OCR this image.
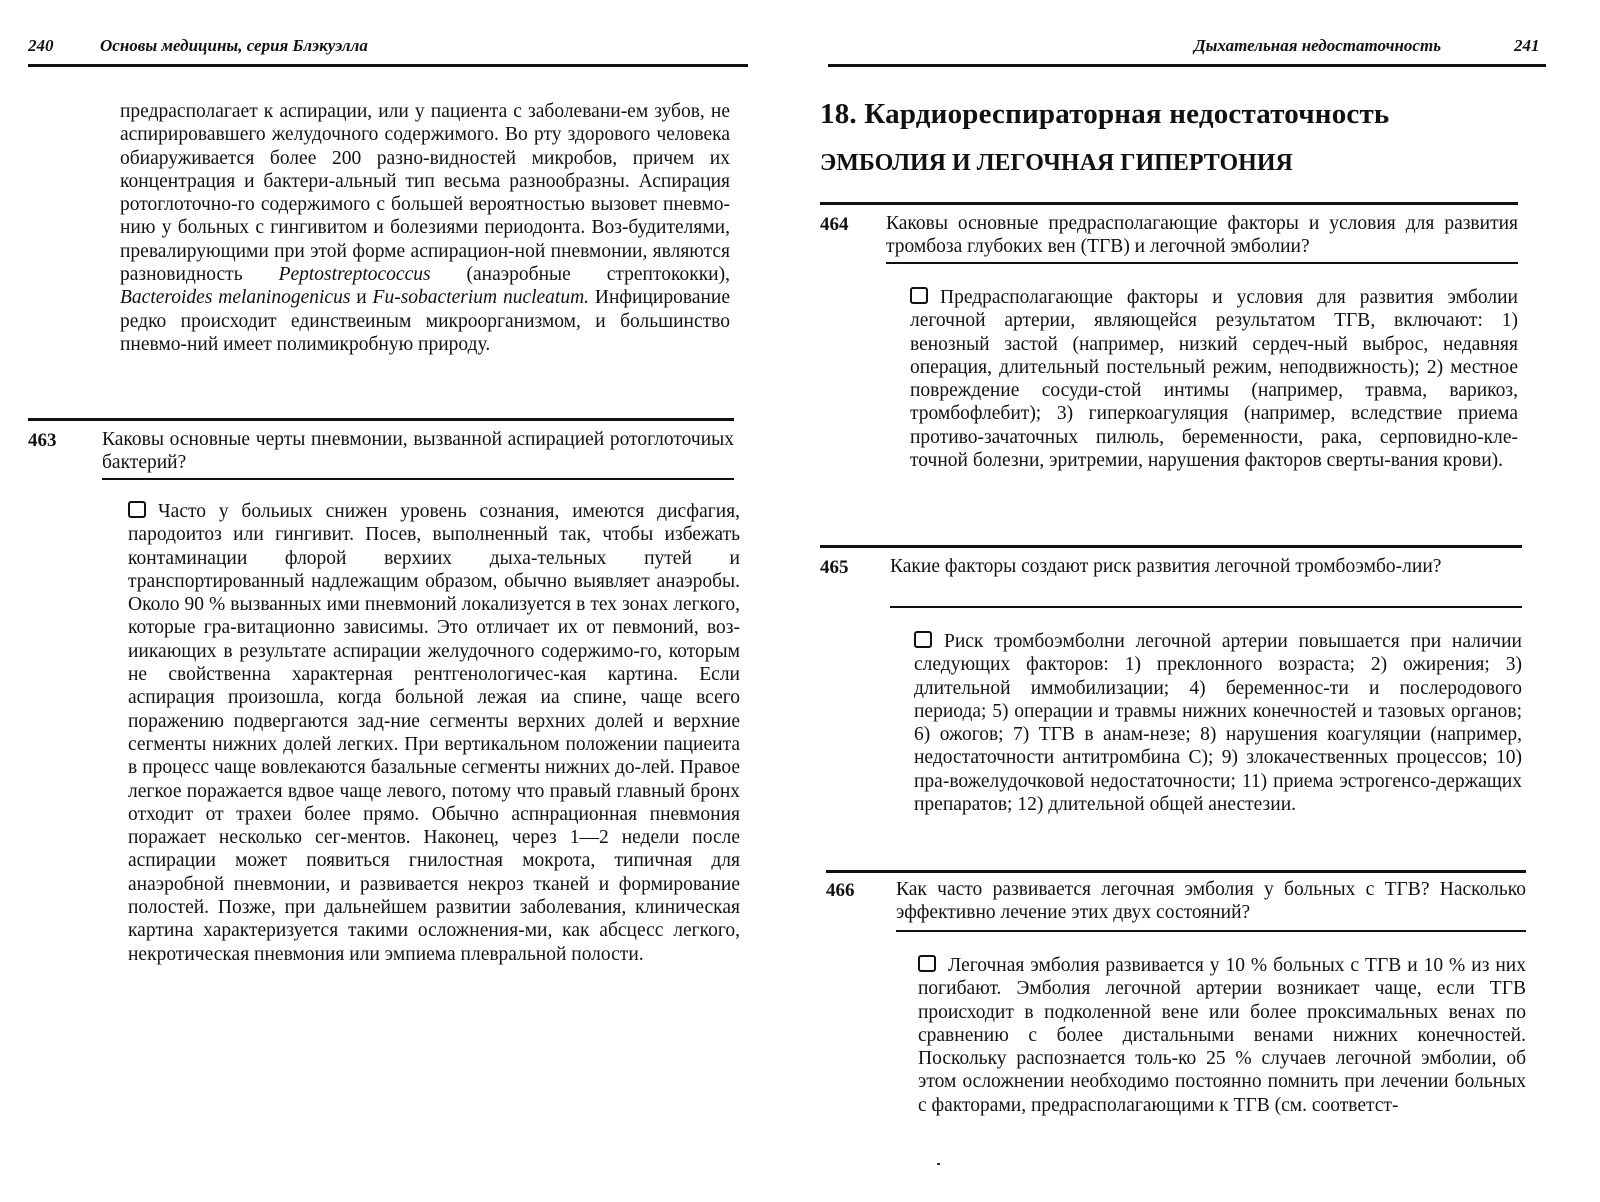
240	Основы медицины, серия Блэкуэлла

предрасполагает к аспирации, или у пациента с заболевани-ем зубов, не аспирировавшего желудочного содержимого. Во рту здорового человека обиаруживается более 200 разно-видностей микробов, причем их концентрация и бактери-альный тип весьма разнообразны. Аспирация ротоглоточно-го содержимого с большей вероятностью вызовет пневмо-нию у больных с гингивитом и болезиями периодонта. Воз-будителями, превалирующими при этой форме аспирацион-ной пневмонии, являются разновидность Peptostreptococcus (анаэробные стрептококки), Bacteroides melaninogenicus и Fu-sobacterium nucleatum. Инфицирование редко происходит единствеиным микроорганизмом, и большинство пневмо-ний имеет полимикробную природу.

463 Каковы основные черты пневмонии, вызванной аспирацией ротоглоточиых бактерий?

Часто у больиых снижен уровень сознания, имеются дисфагия, пародоитоз или гингивит. Посев, выполненный так, чтобы избежать контаминации флорой верхиих дыха-тельных путей и транспортированный надлежащим образом, обычно выявляет анаэробы. Около 90 % вызванных ими пневмоний локализуется в тех зонах легкого, которые гра-витационно зависимы. Это отличает их от певмоний, воз-иикающих в результате аспирации желудочного содержимо-го, которым не свойственна характерная рентгенологичес-кая картина. Если аспирация произошла, когда больной лежая иа спине, чаще всего поражению подвергаются зад-ние сегменты верхних долей и верхние сегменты нижних долей легких. При вертикальном положении пациеита в процесс чаще вовлекаются базальные сегменты нижних до-лей. Правое легкое поражается вдвое чаще левого, потому что правый главный бронх отходит от трахеи более прямо. Обычно аспнрационная пневмония поражает несколько сег-ментов. Наконец, через 1—2 недели после аспирации может появиться гнилостная мокрота, типичная для анаэробной пневмонии, и развивается некроз тканей и формирование полостей. Позже, при дальнейшем развитии заболевания, клиническая картина характеризуется такими осложнения-ми, как абсцесс легкого, некротическая пневмония или эмпиема плевральной полости.

Дыхательная недостаточность	241
18. Кардиореспираторная недостаточность
ЭМБОЛИЯ И ЛЕГОЧНАЯ ГИПЕРТОНИЯ
464 Каковы основные предрасполагающие факторы и условия для развития тромбоза глубоких вен (ТГВ) и легочной эмболии?

Предрасполагающие факторы и условия для развития эмболии легочной артерии, являющейся результатом ТГВ, включают: 1) венозный застой (например, низкий сердеч-ный выброс, недавняя операция, длительный постельный режим, неподвижность); 2) местное повреждение сосуди-стой интимы (например, травма, варикоз, тромбофлебит); 3) гиперкоагуляция (например, вследствие приема противо-зачаточных пилюль, беременности, рака, серповидно-кле-точной болезни, эритремии, нарушения факторов сверты-вания крови).

465 Какие факторы создают риск развития легочной тромбоэмбо-лии?

Риск тромбоэмболни легочной артерии повышается при наличии следующих факторов: 1) преклонного возраста; 2) ожирения; 3) длительной иммобилизации; 4) беременнос-ти и послеродового периода; 5) операции и травмы нижних конечностей и тазовых органов; 6) ожогов; 7) ТГВ в анам-незе; 8) нарушения коагуляции (например, недостаточности антитромбина С); 9) злокачественных процессов; 10) пра-вожелудочковой недостаточности; 11) приема эстрогенсо-держащих препаратов; 12) длительной общей анестезии.

466 Как часто развивается легочная эмболия у больных с ТГВ? Насколько эффективно лечение этих двух состояний?

Легочная эмболия развивается у 10 % больных с ТГВ и 10 % из них погибают. Эмболия легочной артерии возникает чаще, если ТГВ происходит в подколенной вене или более проксимальных венах по сравнению с более дистальными венами нижних конечностей. Поскольку распознается толь-ко 25 % случаев легочной эмболии, об этом осложнении необходимо постоянно помнить при лечении больных с факторами, предрасполагающими к ТГВ (см. соответст-
